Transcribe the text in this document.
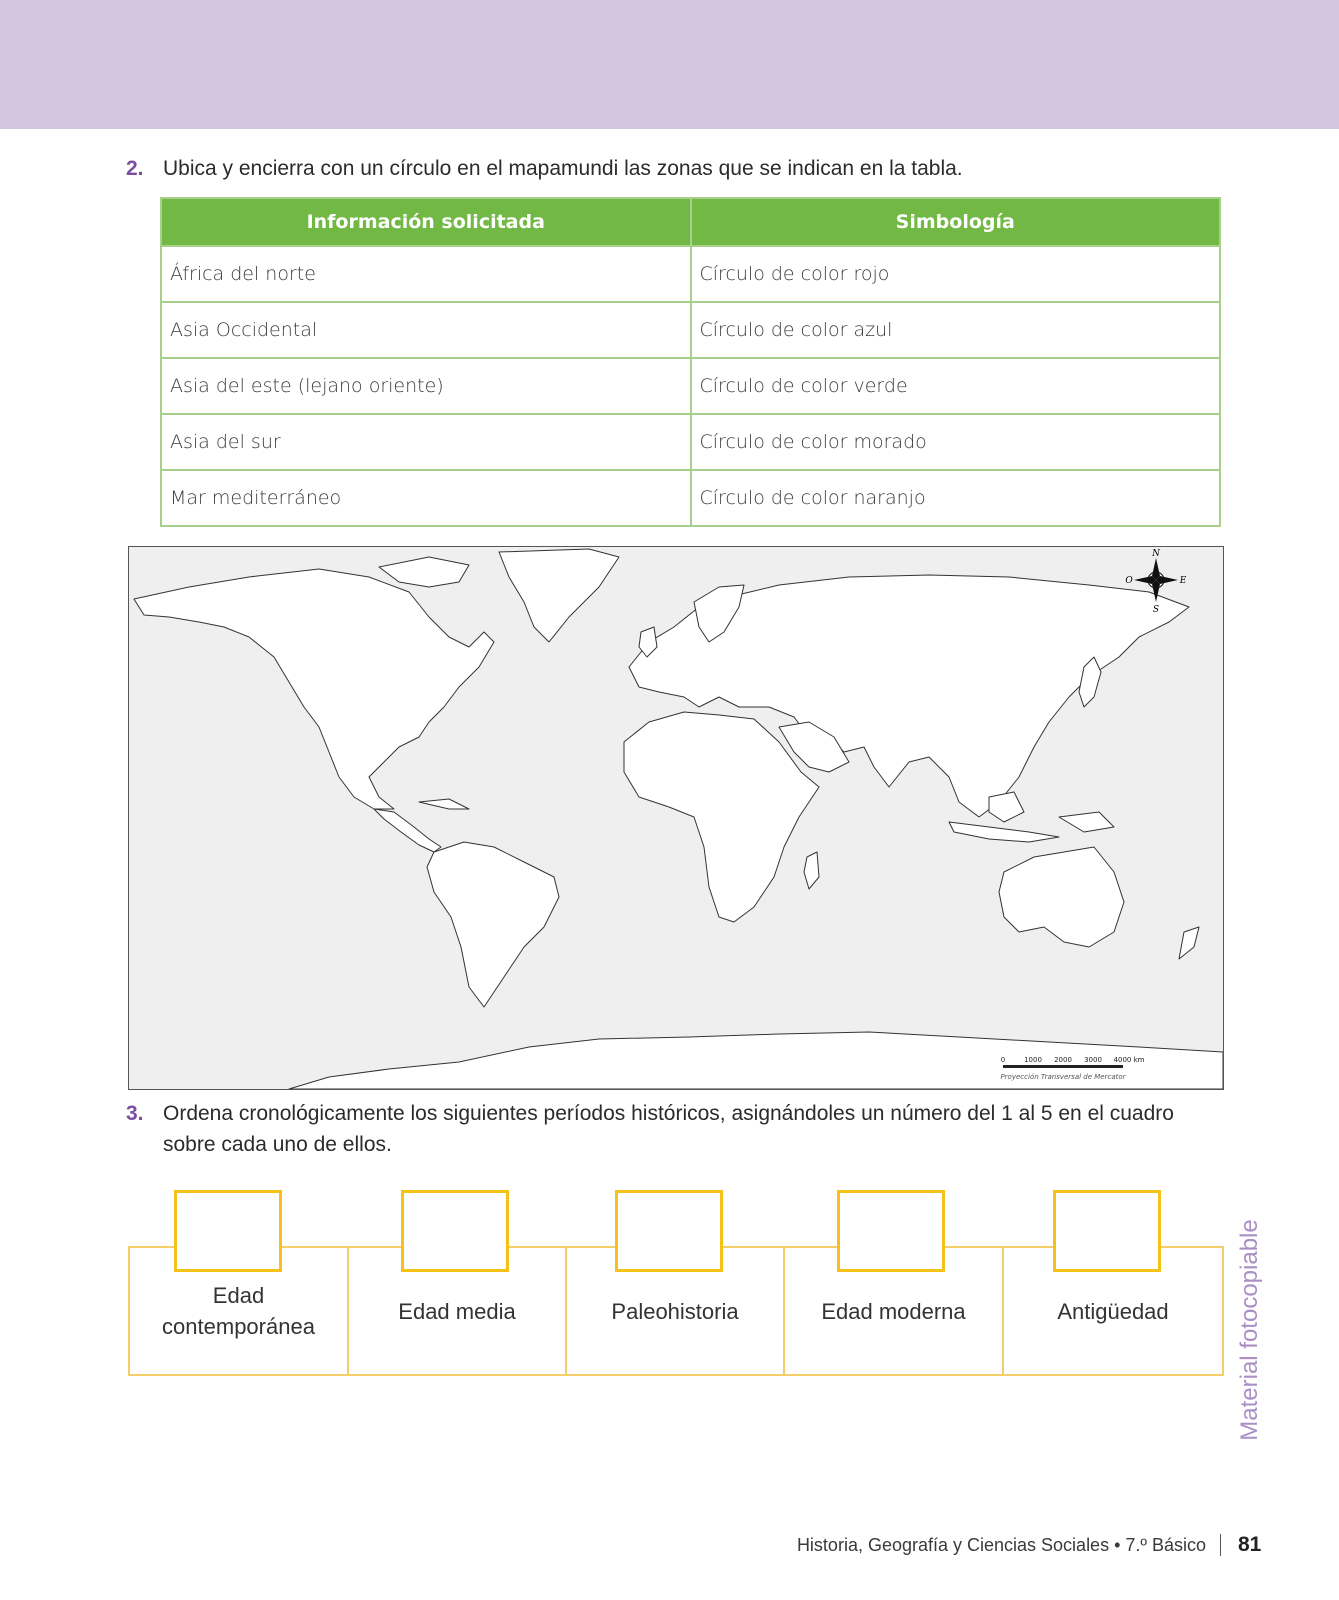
2. Ubica y encierra con un círculo en el mapamundi las zonas que se indican en la tabla.
Información solicitada	Simbología
África del norte	Círculo de color rojo
Asia Occidental	Círculo de color azul
Asia del este (lejano oriente)	Círculo de color verde
Asia del sur	Círculo de color morado
Mar mediterráneo	Círculo de color naranjo
N
S
E
O
0	1000 2000 3000 4000 km
Proyección Transversal de Mercator
3. Ordena cronológicamente los siguientes períodos históricos, asignándoles un número del 1 al 5 en el cuadro sobre cada uno de ellos.
Edad contemporánea
Edad media	Paleohistoria	Edad moderna	Antigüedad	Material fotocopiable
Historia, Geografía y Ciencias Sociales • 7.º Básico 81
